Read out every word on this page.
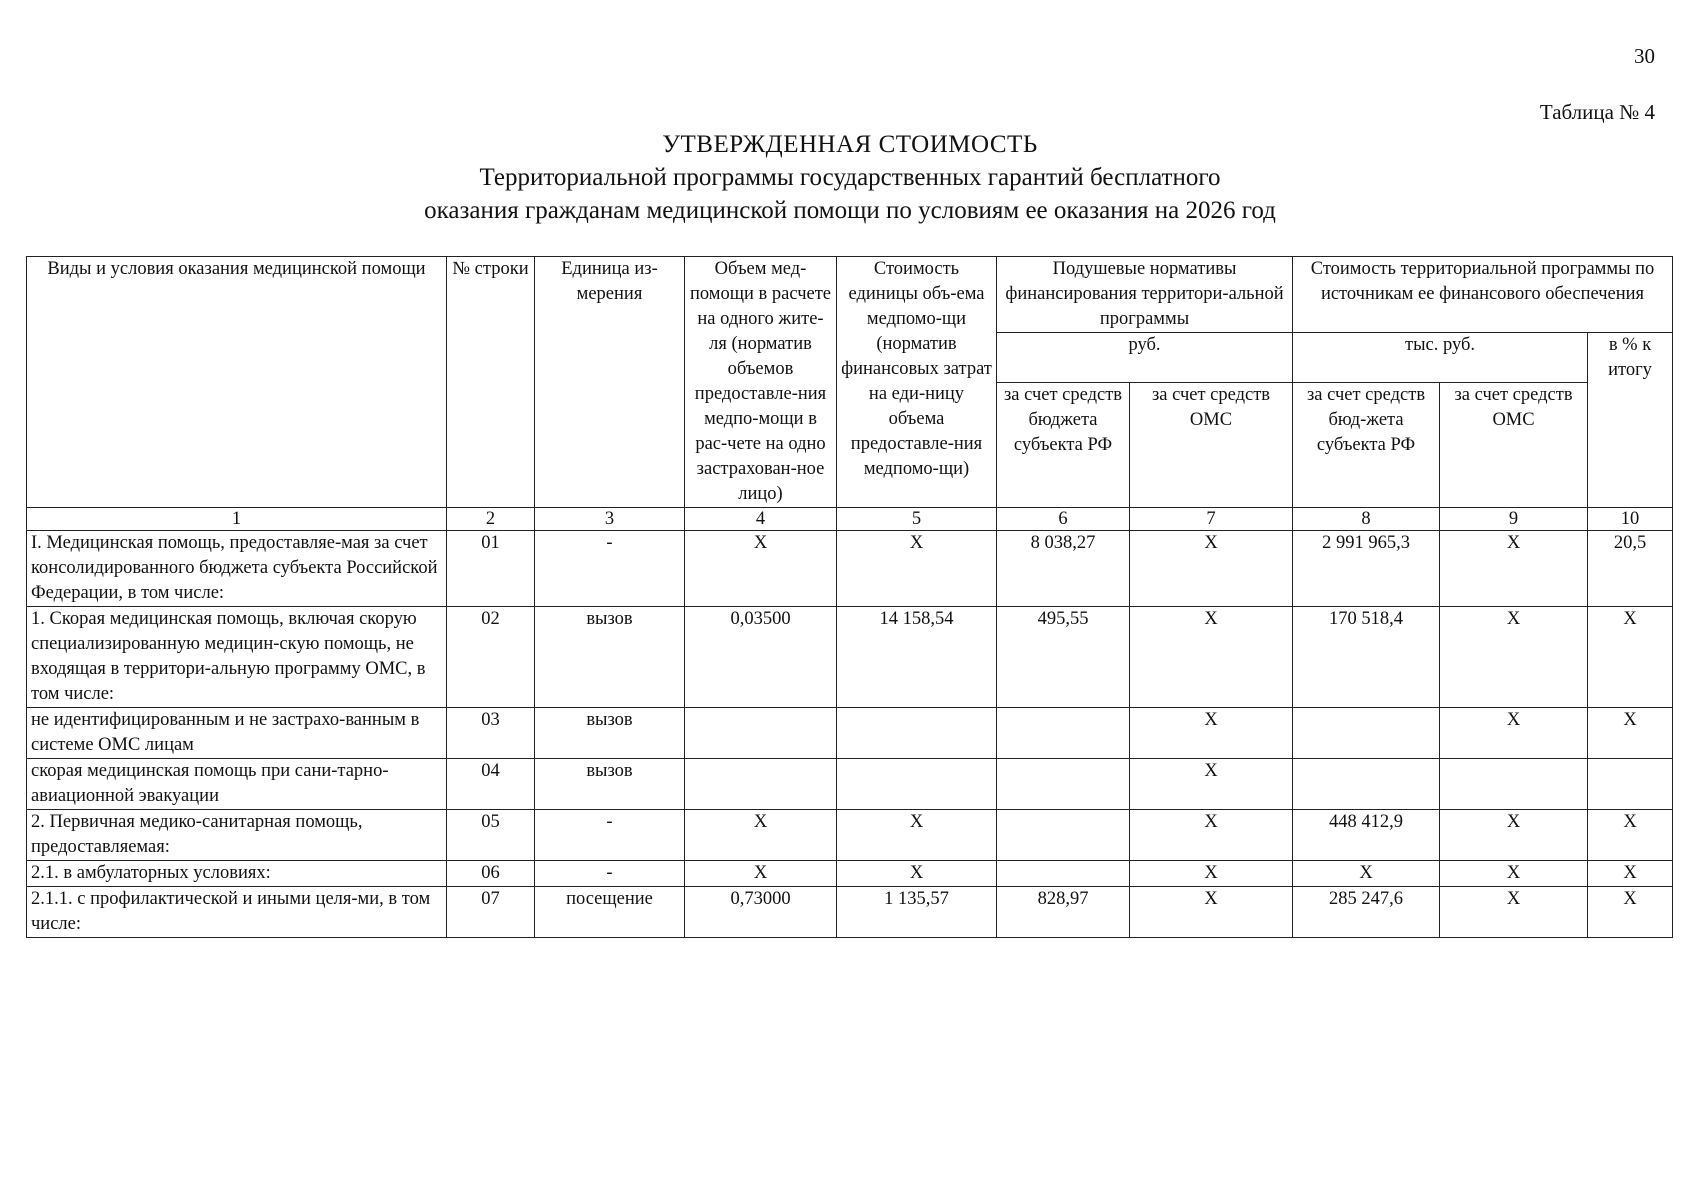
30
Таблица № 4
УТВЕРЖДЕННАЯ СТОИМОСТЬ
Территориальной программы государственных гарантий бесплатного
оказания гражданам медицинской помощи по условиям ее оказания на 2026 год
Виды и условия оказания медицинской помощи	№ строки	Единица из-мерения	Объем мед-помощи в расчете на одного жите-ля (норматив объемов предоставле-ния медпо-мощи в рас-чете на одно застрахован-ное лицо)	Стоимость единицы объ-ема медпомо-щи (норматив финансовых затрат на еди-ницу объема предоставле-ния медпомо-щи)	Подушевые нормативы финансирования территори-альной программы		Стоимость территориальной программы по источникам ее финансового обеспечения		
					руб.		тыс. руб.		в % к итогу
					за счет средств бюджета субъекта РФ	за счет средств ОМС	за счет средств бюд-жета субъекта РФ	за счет средств ОМС	

1	2	3	4	5	6	7	8	9	10
I. Медицинская помощь, предоставляе-мая за счет консолидированного бюджета субъекта Российской Федерации, в том числе:	01	-	X	X	8 038,27	X	2 991 965,3	X	20,5
1. Скорая медицинская помощь, включая скорую специализированную медицин-скую помощь, не входящая в территори-альную программу ОМС, в том числе:	02	вызов	0,03500	14 158,54	495,55	X	170 518,4	X	X
не идентифицированным и не застрахо-ванным в системе ОМС лицам	03	вызов				X		X	X
скорая медицинская помощь при сани-тарно-авиационной эвакуации	04	вызов				X			
2. Первичная медико-санитарная помощь, предоставляемая:	05	-	X	X		X	448 412,9	X	X
2.1. в амбулаторных условиях:	06	-	X	X		X	X	X	X
2.1.1. с профилактической и иными целя-ми, в том числе:	07	посещение	0,73000	1 135,57	828,97	X	285 247,6	X	X
